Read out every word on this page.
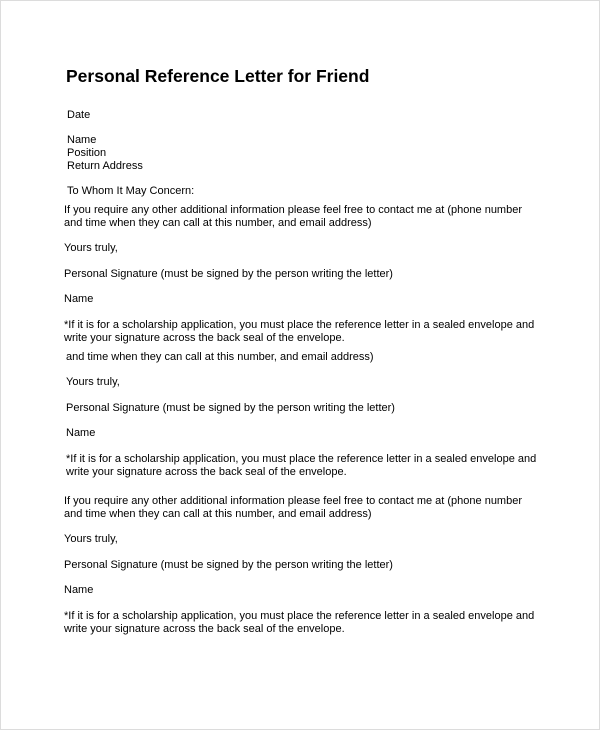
Personal Reference Letter for Friend
Date
Name
Position
Return Address
To Whom It May Concern:
If you require any other additional information please feel free to contact me at (phone number
and time when they can call at this number, and email address)
Yours truly,
Personal Signature (must be signed by the person writing the letter)
Name
*If it is for a scholarship application, you must place the reference letter in a sealed envelope and
write your signature across the back seal of the envelope.
and time when they can call at this number, and email address)
Yours truly,
Personal Signature (must be signed by the person writing the letter)
Name
*If it is for a scholarship application, you must place the reference letter in a sealed envelope and
write your signature across the back seal of the envelope.
If you require any other additional information please feel free to contact me at (phone number
and time when they can call at this number, and email address)
Yours truly,
Personal Signature (must be signed by the person writing the letter)
Name
*If it is for a scholarship application, you must place the reference letter in a sealed envelope and
write your signature across the back seal of the envelope.
